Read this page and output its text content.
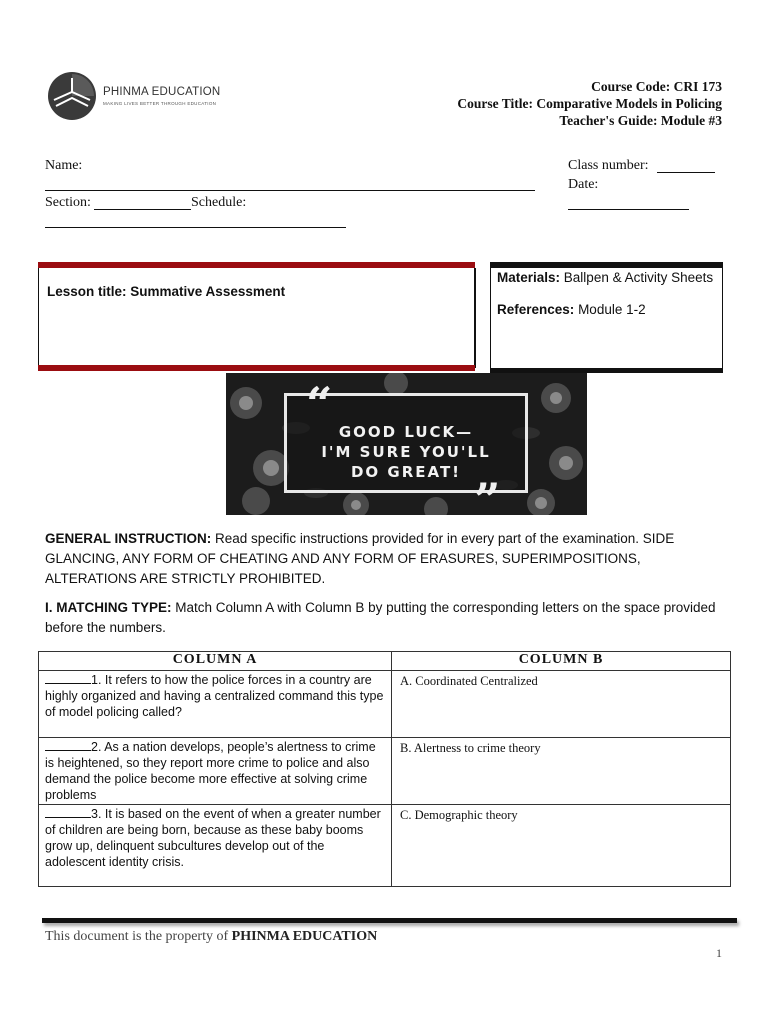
PHINMA EDUCATION
MAKING LIVES BETTER THROUGH EDUCATION
Course Code: CRI 173
Course Title: Comparative Models in Policing
Teacher's Guide: Module #3
Name:
Section:	Schedule:
Class number:
Date:
Lesson title: Summative Assessment
Materials: Ballpen & Activity Sheets
References: Module 1-2
GOOD LUCK—
I'M SURE YOU'LL
DO GREAT!
“
”
GENERAL INSTRUCTION: Read specific instructions provided for in every part of the examination. SIDE GLANCING, ANY FORM OF CHEATING AND ANY FORM OF ERASURES, SUPERIMPOSITIONS, ALTERATIONS ARE STRICTLY PROHIBITED.
I. MATCHING TYPE: Match Column A with Column B by putting the corresponding letters on the space provided before the numbers.
COLUMN A	COLUMN B
1. It refers to how the police forces in a country are highly organized and having a centralized command this type of model policing called?	A. Coordinated Centralized
2. As a nation develops, people’s alertness to crime is heightened, so they report more crime to police and also demand the police become more effective at solving crime problems	B. Alertness to crime theory
3. It is based on the event of when a greater number of children are being born, because as these baby booms grow up, delinquent subcultures develop out of the adolescent identity crisis.	C. Demographic theory
This document is the property of PHINMA EDUCATION
1
